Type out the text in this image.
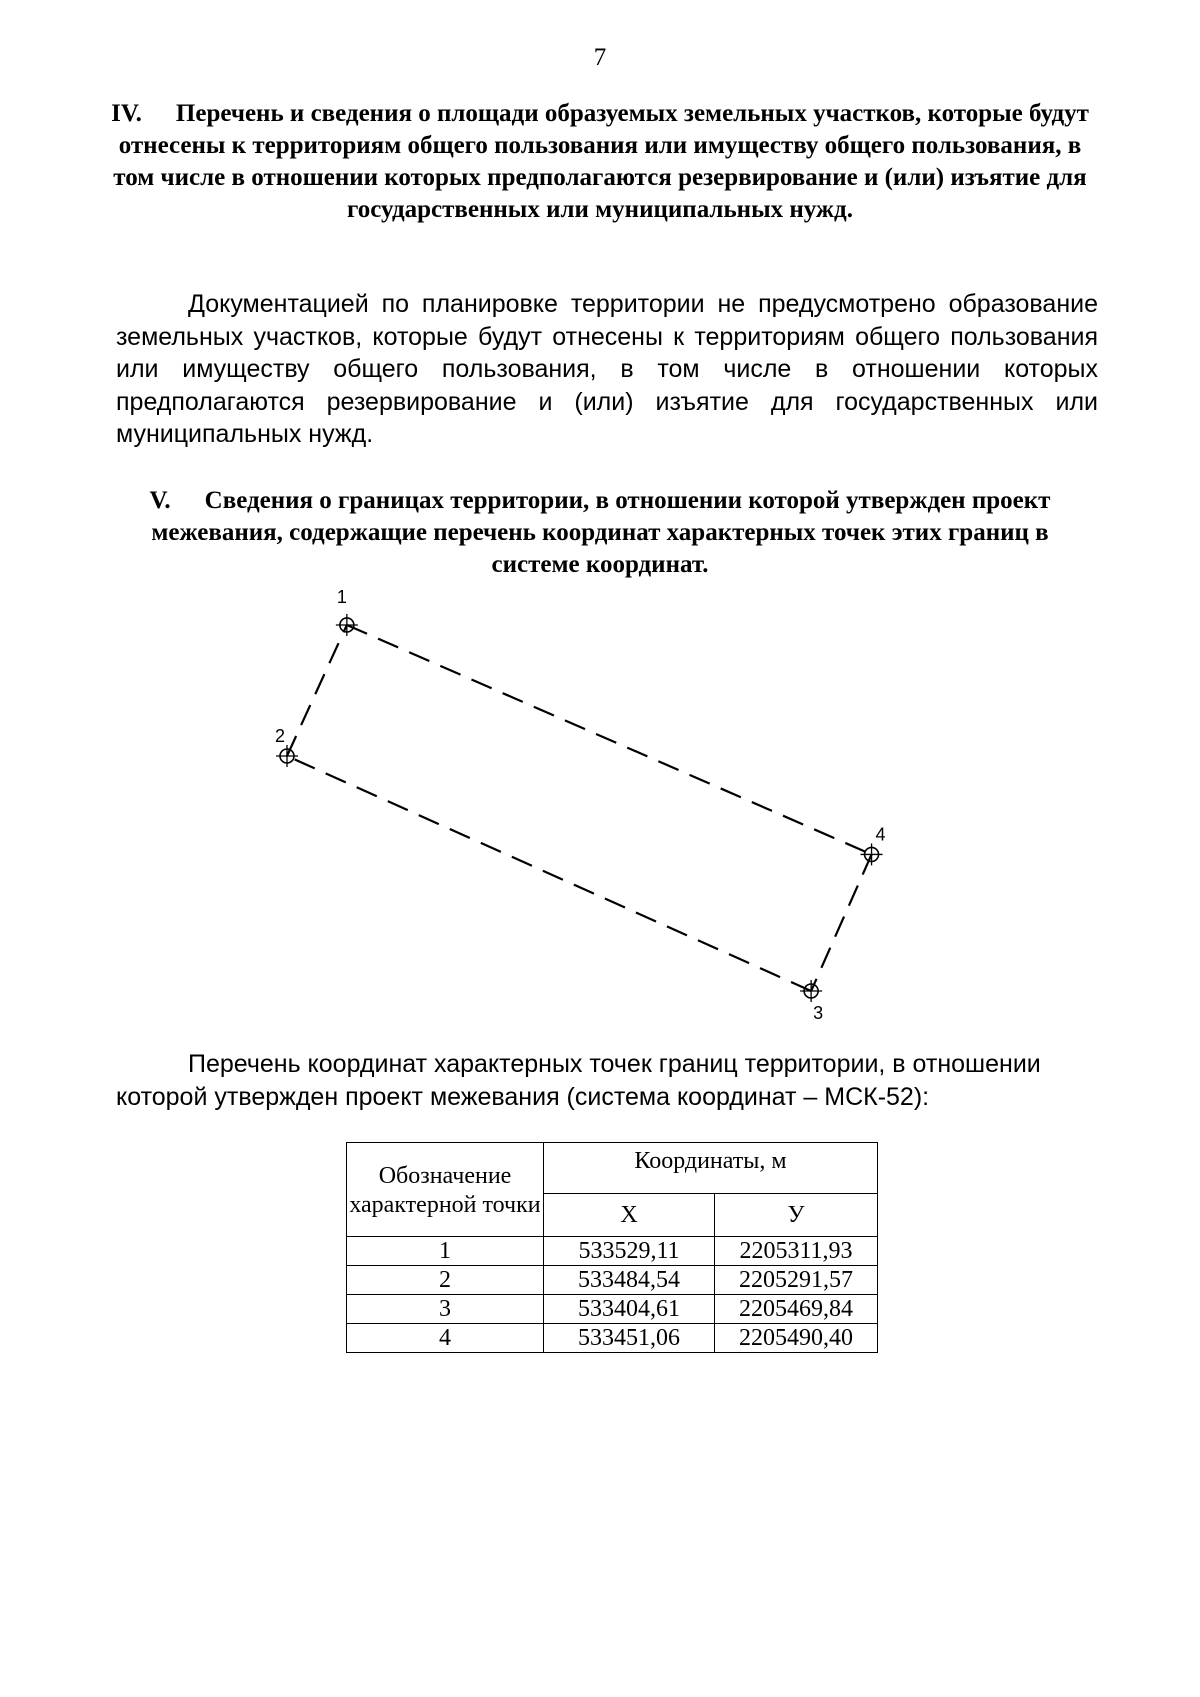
7
IV. Перечень и сведения о площади образуемых земельных участков, которые будут отнесены к территориям общего пользования или имуществу общего пользования, в том числе в отношении которых предполагаются резервирование и (или) изъятие для государственных или муниципальных нужд.
Документацией по планировке территории не предусмотрено образование земельных участков, которые будут отнесены к территориям общего пользования или имуществу общего пользования, в том числе в отношении которых предполагаются резервирование и (или) изъятие для государственных или муниципальных нужд.
V. Сведения о границах территории, в отношении которой утвержден проект межевания, содержащие перечень координат характерных точек этих границ в системе координат.
1
2
3
4
Перечень координат характерных точек границ территории, в отношении которой утвержден проект межевания (система координат – МСК-52):
Обозначение характерной точки	Координаты, м	
	X	У
1	533529,11	2205311,93
2	533484,54	2205291,57
3	533404,61	2205469,84
4	533451,06	2205490,40
